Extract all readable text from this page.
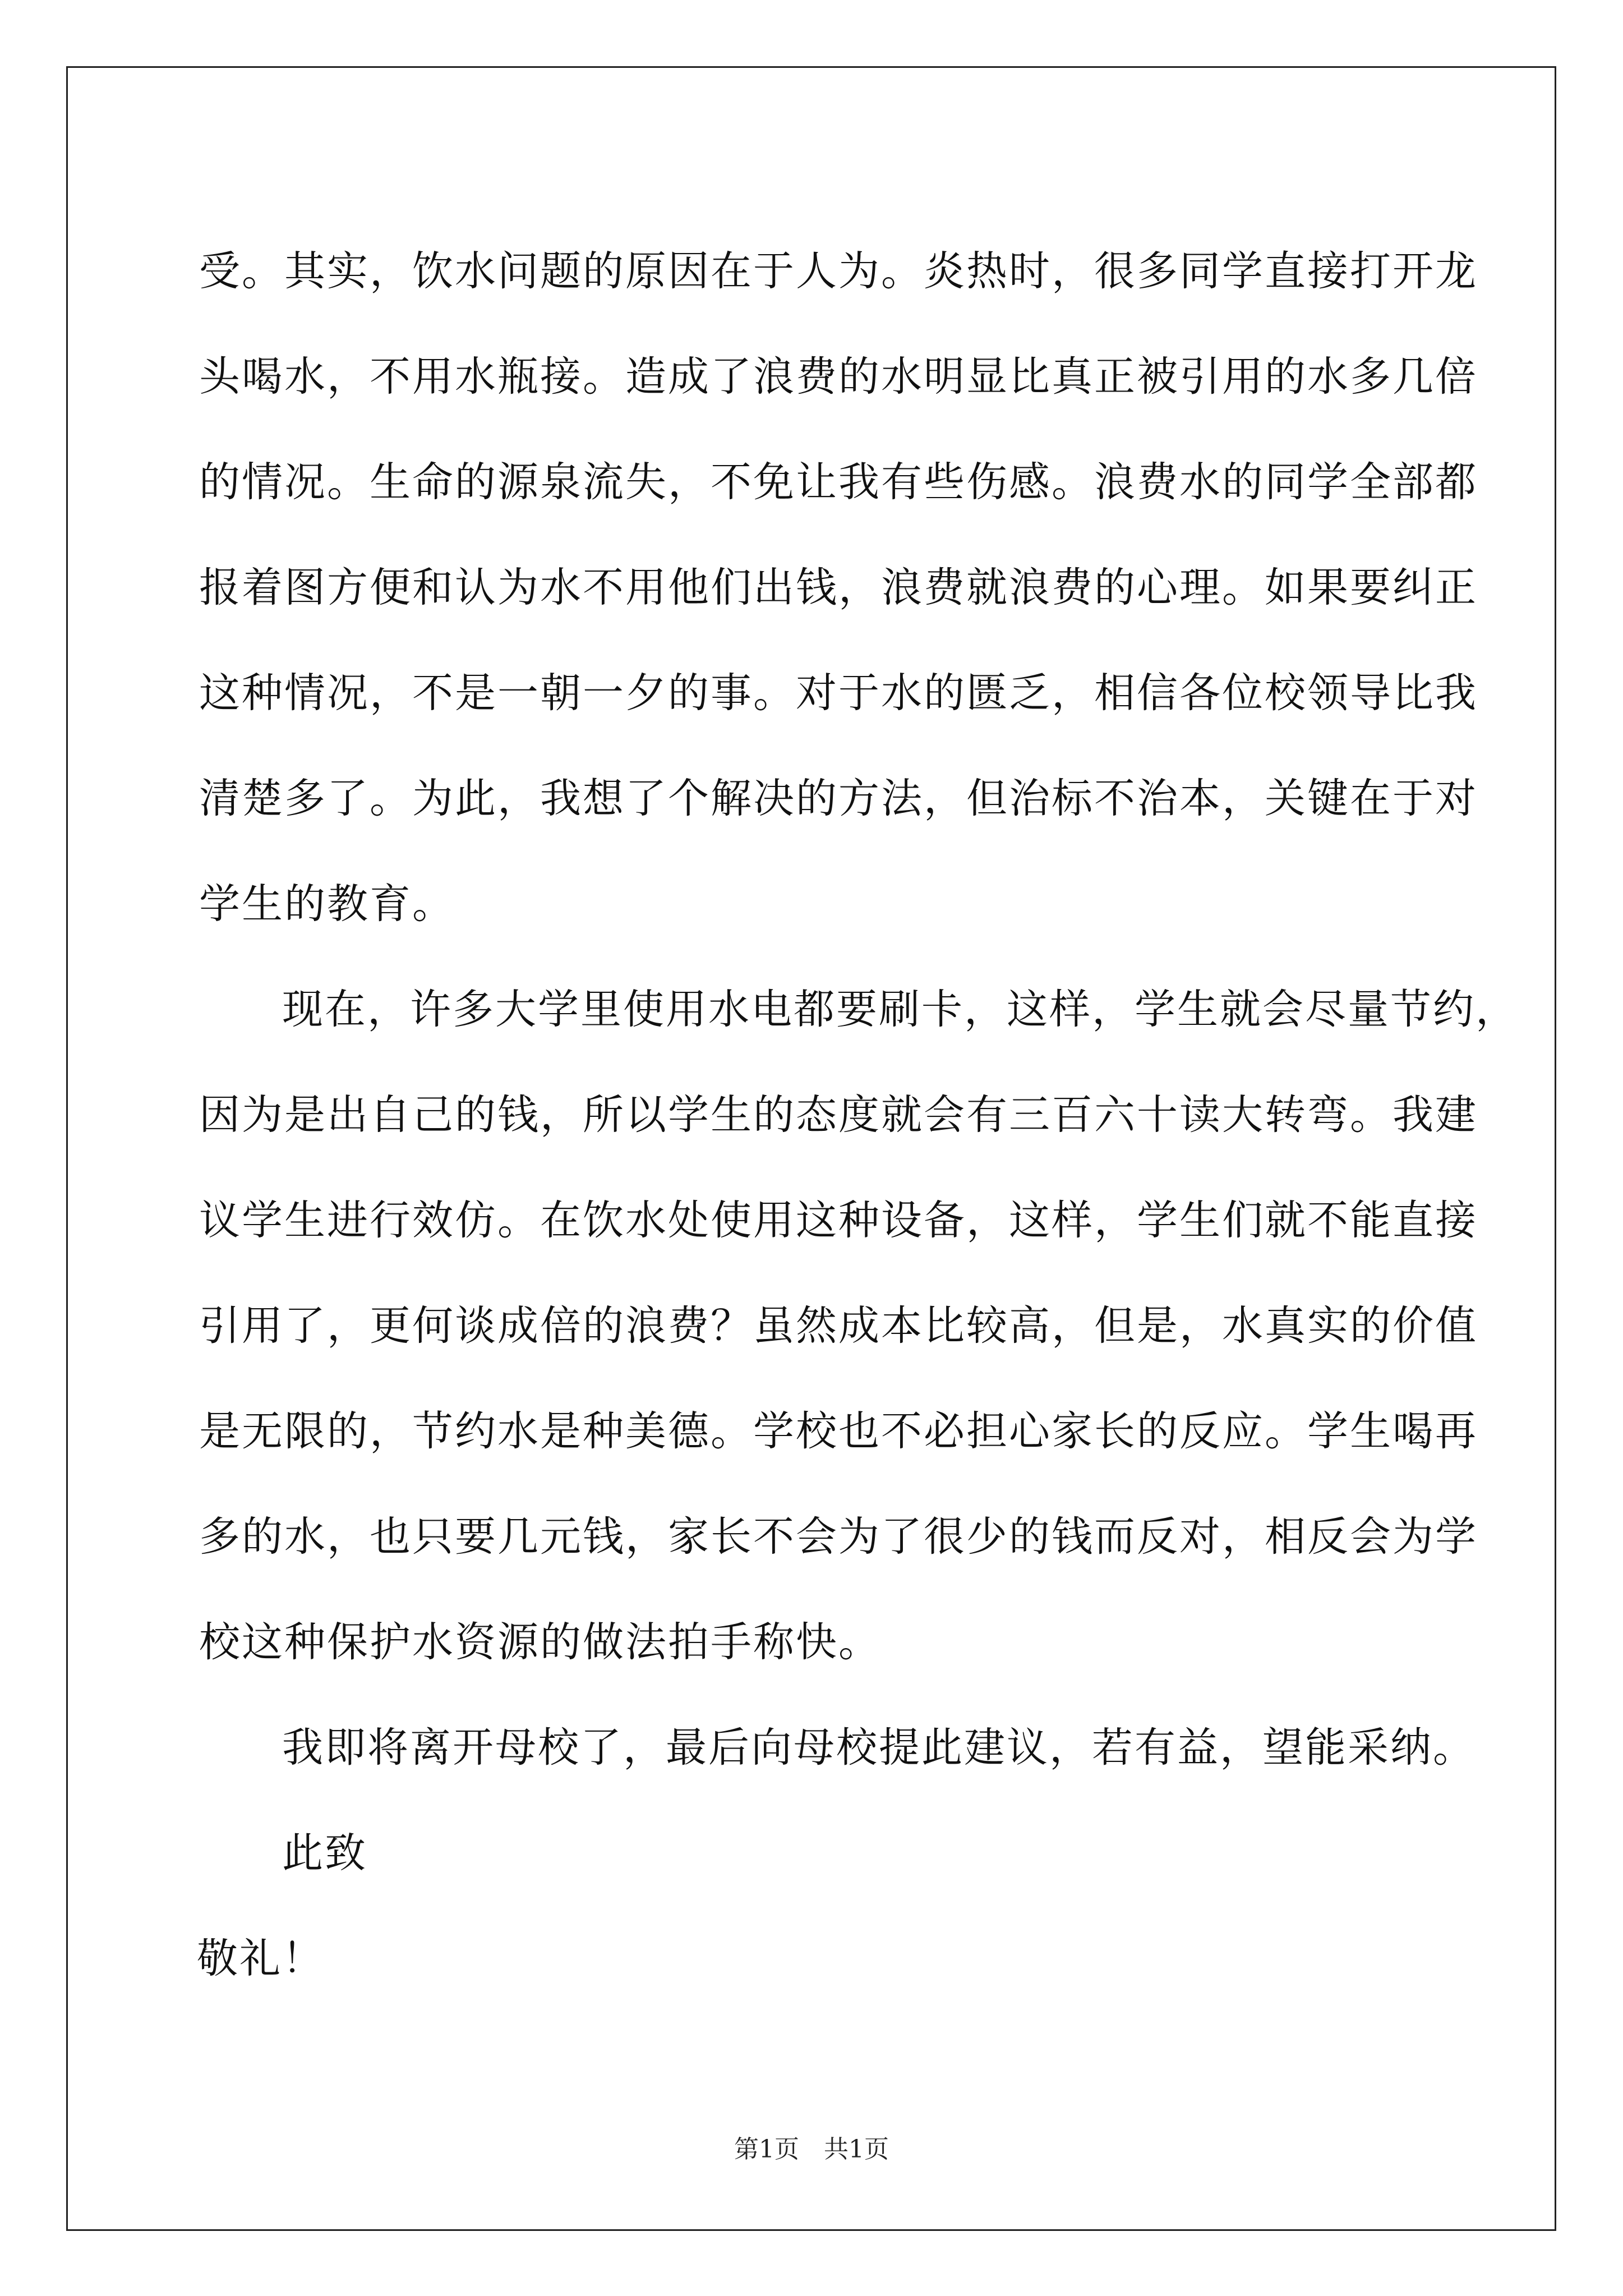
受。其实，饮水问题的原因在于人为。炎热时，很多同学直接打开龙
头喝水，不用水瓶接。造成了浪费的水明显比真正被引用的水多几倍
的情况。生命的源泉流失，不免让我有些伤感。浪费水的同学全部都
报着图方便和认为水不用他们出钱，浪费就浪费的心理。如果要纠正
这种情况，不是一朝一夕的事。对于水的匮乏，相信各位校领导比我
清楚多了。为此，我想了个解决的方法，但治标不治本，关键在于对
学生的教育。
现在，许多大学里使用水电都要刷卡，这样，学生就会尽量节约，
因为是出自己的钱，所以学生的态度就会有三百六十读大转弯。我建
议学生进行效仿。在饮水处使用这种设备，这样，学生们就不能直接
引用了，更何谈成倍的浪费？虽然成本比较高，但是，水真实的价值
是无限的，节约水是种美德。学校也不必担心家长的反应。学生喝再
多的水，也只要几元钱，家长不会为了很少的钱而反对，相反会为学
校这种保护水资源的做法拍手称快。
我即将离开母校了，最后向母校提此建议，若有益，望能采纳。
此致
敬礼！
第1页　共1页
